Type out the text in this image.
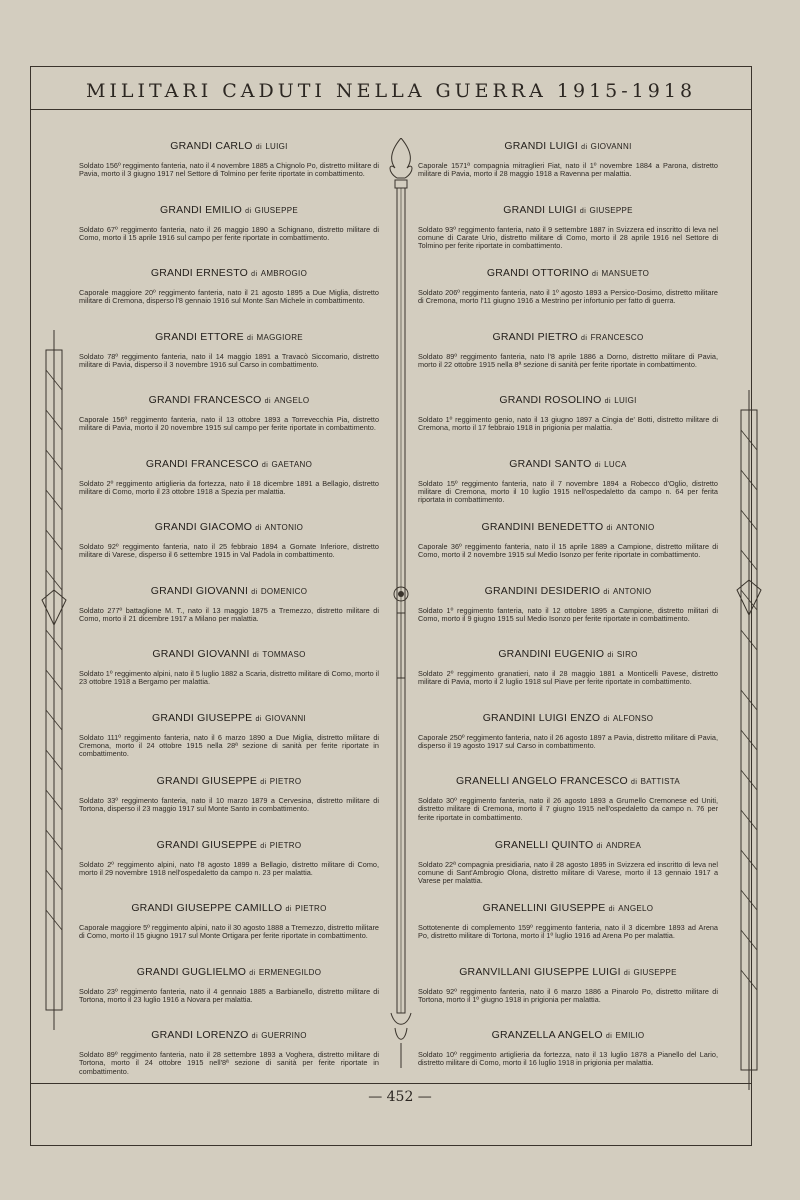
MILITARI CADUTI NELLA GUERRA 1915-1918
GRANDI CARLO di LUIGI

Soldato 156º reggimento fanteria, nato il 4 novembre 1885 a Chignolo Po, distretto militare di Pavia, morto il 3 giugno 1917 nel Settore di Tolmino per ferite riportate in combattimento.

GRANDI EMILIO di GIUSEPPE

Soldato 67º reggimento fanteria, nato il 26 maggio 1890 a Schignano, distretto militare di Como, morto il 15 aprile 1916 sul campo per ferite riportate in combattimento.

GRANDI ERNESTO di AMBROGIO

Caporale maggiore 20º reggimento fanteria, nato il 21 agosto 1895 a Due Miglia, distretto militare di Cremona, disperso l'8 gennaio 1916 sul Monte San Michele in combattimento.

GRANDI ETTORE di MAGGIORE

Soldato 78º reggimento fanteria, nato il 14 maggio 1891 a Travacò Siccomario, distretto militare di Pavia, disperso il 3 novembre 1916 sul Carso in combattimento.

GRANDI FRANCESCO di ANGELO

Caporale 156º reggimento fanteria, nato il 13 ottobre 1893 a Torrevecchia Pia, distretto militare di Pavia, morto il 20 novembre 1915 sul campo per ferite riportate in combattimento.

GRANDI FRANCESCO di GAETANO

Soldato 2º reggimento artiglieria da fortezza, nato il 18 dicembre 1891 a Bellagio, distretto militare di Como, morto il 23 ottobre 1918 a Spezia per malattia.

GRANDI GIACOMO di ANTONIO

Soldato 92º reggimento fanteria, nato il 25 febbraio 1894 a Gornate Inferiore, distretto militare di Varese, disperso il 6 settembre 1915 in Val Padola in combattimento.

GRANDI GIOVANNI di DOMENICO

Soldato 277º battaglione M. T., nato il 13 maggio 1875 a Tremezzo, distretto militare di Como, morto il 21 dicembre 1917 a Milano per malattia.

GRANDI GIOVANNI di TOMMASO

Soldato 1º reggimento alpini, nato il 5 luglio 1882 a Scaria, distretto militare di Como, morto il 23 ottobre 1918 a Bergamo per malattia.

GRANDI GIUSEPPE di GIOVANNI

Soldato 111º reggimento fanteria, nato il 6 marzo 1890 a Due Miglia, distretto militare di Cremona, morto il 24 ottobre 1915 nella 28ª sezione di sanità per ferite riportate in combattimento.

GRANDI GIUSEPPE di PIETRO

Soldato 33º reggimento fanteria, nato il 10 marzo 1879 a Cervesina, distretto militare di Tortona, disperso il 23 maggio 1917 sul Monte Santo in combattimento.

GRANDI GIUSEPPE di PIETRO

Soldato 2º reggimento alpini, nato l'8 agosto 1899 a Bellagio, distretto militare di Como, morto il 29 novembre 1918 nell'ospedaletto da campo n. 23 per malattia.

GRANDI GIUSEPPE CAMILLO di PIETRO

Caporale maggiore 5º reggimento alpini, nato il 30 agosto 1888 a Tremezzo, distretto militare di Como, morto il 15 giugno 1917 sul Monte Ortigara per ferite riportate in combattimento.

GRANDI GUGLIELMO di ERMENEGILDO

Soldato 23º reggimento fanteria, nato il 4 gennaio 1885 a Barbianello, distretto militare di Tortona, morto il 23 luglio 1916 a Novara per malattia.

GRANDI LORENZO di GUERRINO

Soldato 89º reggimento fanteria, nato il 28 settembre 1893 a Voghera, distretto militare di Tortona, morto il 24 ottobre 1915 nell'8ª sezione di sanità per ferite riportate in combattimento.

GRANDI LUIGI di GIOVANNI

Caporale 1571ª compagnia mitraglieri Fiat, nato il 1º novembre 1884 a Parona, distretto militare di Pavia, morto il 28 maggio 1918 a Ravenna per malattia.

GRANDI LUIGI di GIUSEPPE

Soldato 93º reggimento fanteria, nato il 9 settembre 1887 in Svizzera ed inscritto di leva nel comune di Carate Urio, distretto militare di Como, morto il 28 aprile 1916 nel Settore di Tolmino per ferite riportate in combattimento.

GRANDI OTTORINO di MANSUETO

Soldato 206º reggimento fanteria, nato il 1º agosto 1893 a Persico-Dosimo, distretto militare di Cremona, morto l'11 giugno 1916 a Mestrino per infortunio per fatto di guerra.

GRANDI PIETRO di FRANCESCO

Soldato 89º reggimento fanteria, nato l'8 aprile 1886 a Dorno, distretto militare di Pavia, morto il 22 ottobre 1915 nella 8ª sezione di sanità per ferite riportate in combattimento.

GRANDI ROSOLINO di LUIGI

Soldato 1º reggimento genio, nato il 13 giugno 1897 a Cingia de' Botti, distretto militare di Cremona, morto il 17 febbraio 1918 in prigionia per malattia.

GRANDI SANTO di LUCA

Soldato 15º reggimento fanteria, nato il 7 novembre 1894 a Robecco d'Oglio, distretto militare di Cremona, morto il 10 luglio 1915 nell'ospedaletto da campo n. 64 per ferita riportata in combattimento.

GRANDINI BENEDETTO di ANTONIO

Caporale 36º reggimento fanteria, nato il 15 aprile 1889 a Campione, distretto militare di Como, morto il 2 novembre 1915 sul Medio Isonzo per ferite riportate in combattimento.

GRANDINI DESIDERIO di ANTONIO

Soldato 1º reggimento fanteria, nato il 12 ottobre 1895 a Campione, distretto militari di Como, morto il 9 giugno 1915 sul Medio Isonzo per ferite riportate in combattimento.

GRANDINI EUGENIO di SIRO

Soldato 2º reggimento granatieri, nato il 28 maggio 1881 a Monticelli Pavese, distretto militare di Pavia, morto il 2 luglio 1918 sul Piave per ferite riportate in combattimento.

GRANDINI LUIGI ENZO di ALFONSO

Caporale 250º reggimento fanteria, nato il 26 agosto 1897 a Pavia, distretto militare di Pavia, disperso il 19 agosto 1917 sul Carso in combattimento.

GRANELLI ANGELO FRANCESCO di BATTISTA

Soldato 30º reggimento fanteria, nato il 26 agosto 1893 a Grumello Cremonese ed Uniti, distretto militare di Cremona, morto il 7 giugno 1915 nell'ospedaletto da campo n. 76 per ferite riportate in combattimento.

GRANELLI QUINTO di ANDREA

Soldato 22ª compagnia presidiaria, nato il 28 agosto 1895 in Svizzera ed inscritto di leva nel comune di Sant'Ambrogio Olona, distretto militare di Varese, morto il 13 gennaio 1917 a Varese per malattia.

GRANELLINI GIUSEPPE di ANGELO

Sottotenente di complemento 159º reggimento fanteria, nato il 3 dicembre 1893 ad Arena Po, distretto militare di Tortona, morto il 1º luglio 1916 ad Arena Po per malattia.

GRANVILLANI GIUSEPPE LUIGI di GIUSEPPE

Soldato 92º reggimento fanteria, nato il 6 marzo 1886 a Pinarolo Po, distretto militare di Tortona, morto il 1º giugno 1918 in prigionia per malattia.

GRANZELLA ANGELO di EMILIO

Soldato 10º reggimento artiglieria da fortezza, nato il 13 luglio 1878 a Pianello del Lario, distretto militare di Como, morto il 16 luglio 1918 in prigionia per malattia.

— 452 —
